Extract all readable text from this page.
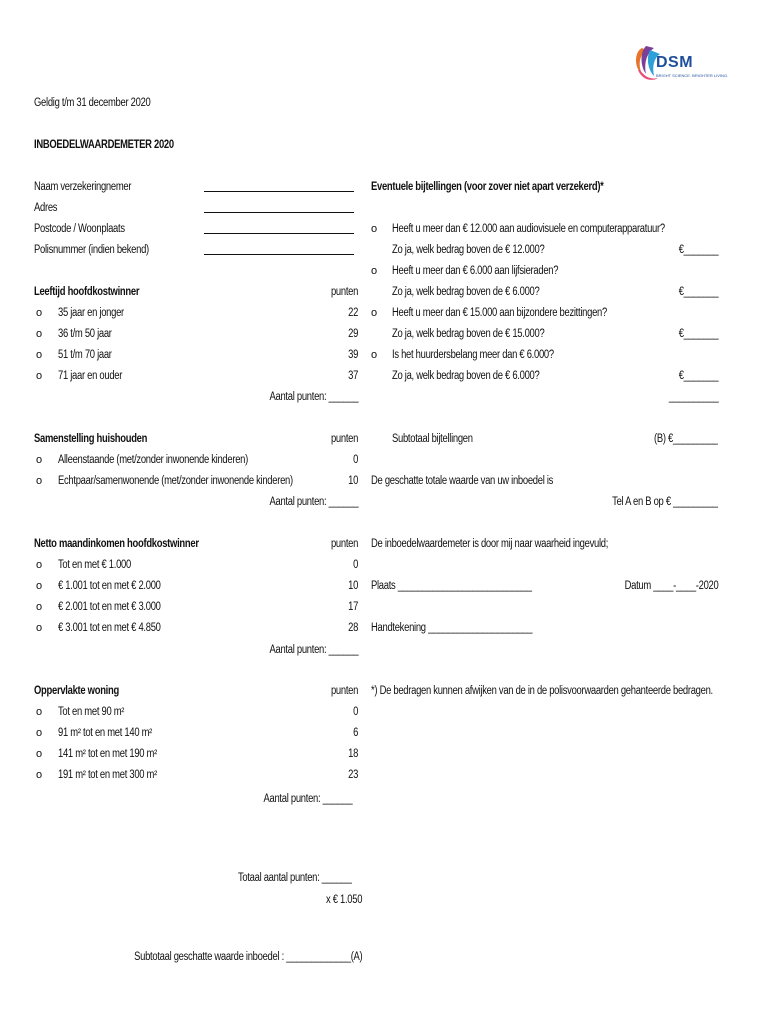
DSM
BRIGHT SCIENCE. BRIGHTER LIVING.
Geldig t/m 31 december 2020
INBOEDELWAARDEMETER 2020
Naam verzekeringnemer
Adres
Postcode / Woonplaats
Polisnummer (indien bekend)
Leeftijd hoofdkostwinner	punten
o 35 jaar en jonger	22
o 36 t/m 50 jaar	29
o 51 t/m 70 jaar	39
o 71 jaar en ouder	37
Aantal punten: ______
Samenstelling huishouden	punten
o Alleenstaande (met/zonder inwonende kinderen)	0
o Echtpaar/samenwonende (met/zonder inwonende kinderen)	10
Aantal punten: ______
Netto maandinkomen hoofdkostwinner	punten
o Tot en met € 1.000	0
o € 1.001 tot en met € 2.000	10
o € 2.001 tot en met € 3.000	17
o € 3.001 tot en met € 4.850	28
Aantal punten: ______
Oppervlakte woning	punten
o Tot en met 90 m²	0
o 91 m² tot en met 140 m²	6
o 141 m² tot en met 190 m²	18
o 191 m² tot en met 300 m²	23
Aantal punten: ______
Totaal aantal punten: ______
x € 1.050
Subtotaal geschatte waarde inboedel : _____________(A)
Eventuele bijtellingen (voor zover niet apart verzekerd)*
o Heeft u meer dan € 12.000 aan audiovisuele en computerapparatuur?
Zo ja, welk bedrag boven de € 12.000?	€_______
o Heeft u meer dan € 6.000 aan lijfsieraden?
Zo ja, welk bedrag boven de € 6.000?	€_______
o Heeft u meer dan € 15.000 aan bijzondere bezittingen?
Zo ja, welk bedrag boven de € 15.000?	€_______
o Is het huurdersbelang meer dan € 6.000?
Zo ja, welk bedrag boven de € 6.000?	€_______
__________
Subtotaal bijtellingen	(B) €_________
De geschatte totale waarde van uw inboedel is
Tel A en B op € _________
De inboedelwaardemeter is door mij naar waarheid ingevuld;
Plaats ___________________________	Datum ____-____-2020
Handtekening _____________________
*) De bedragen kunnen afwijken van de in de polisvoorwaarden gehanteerde bedragen.
